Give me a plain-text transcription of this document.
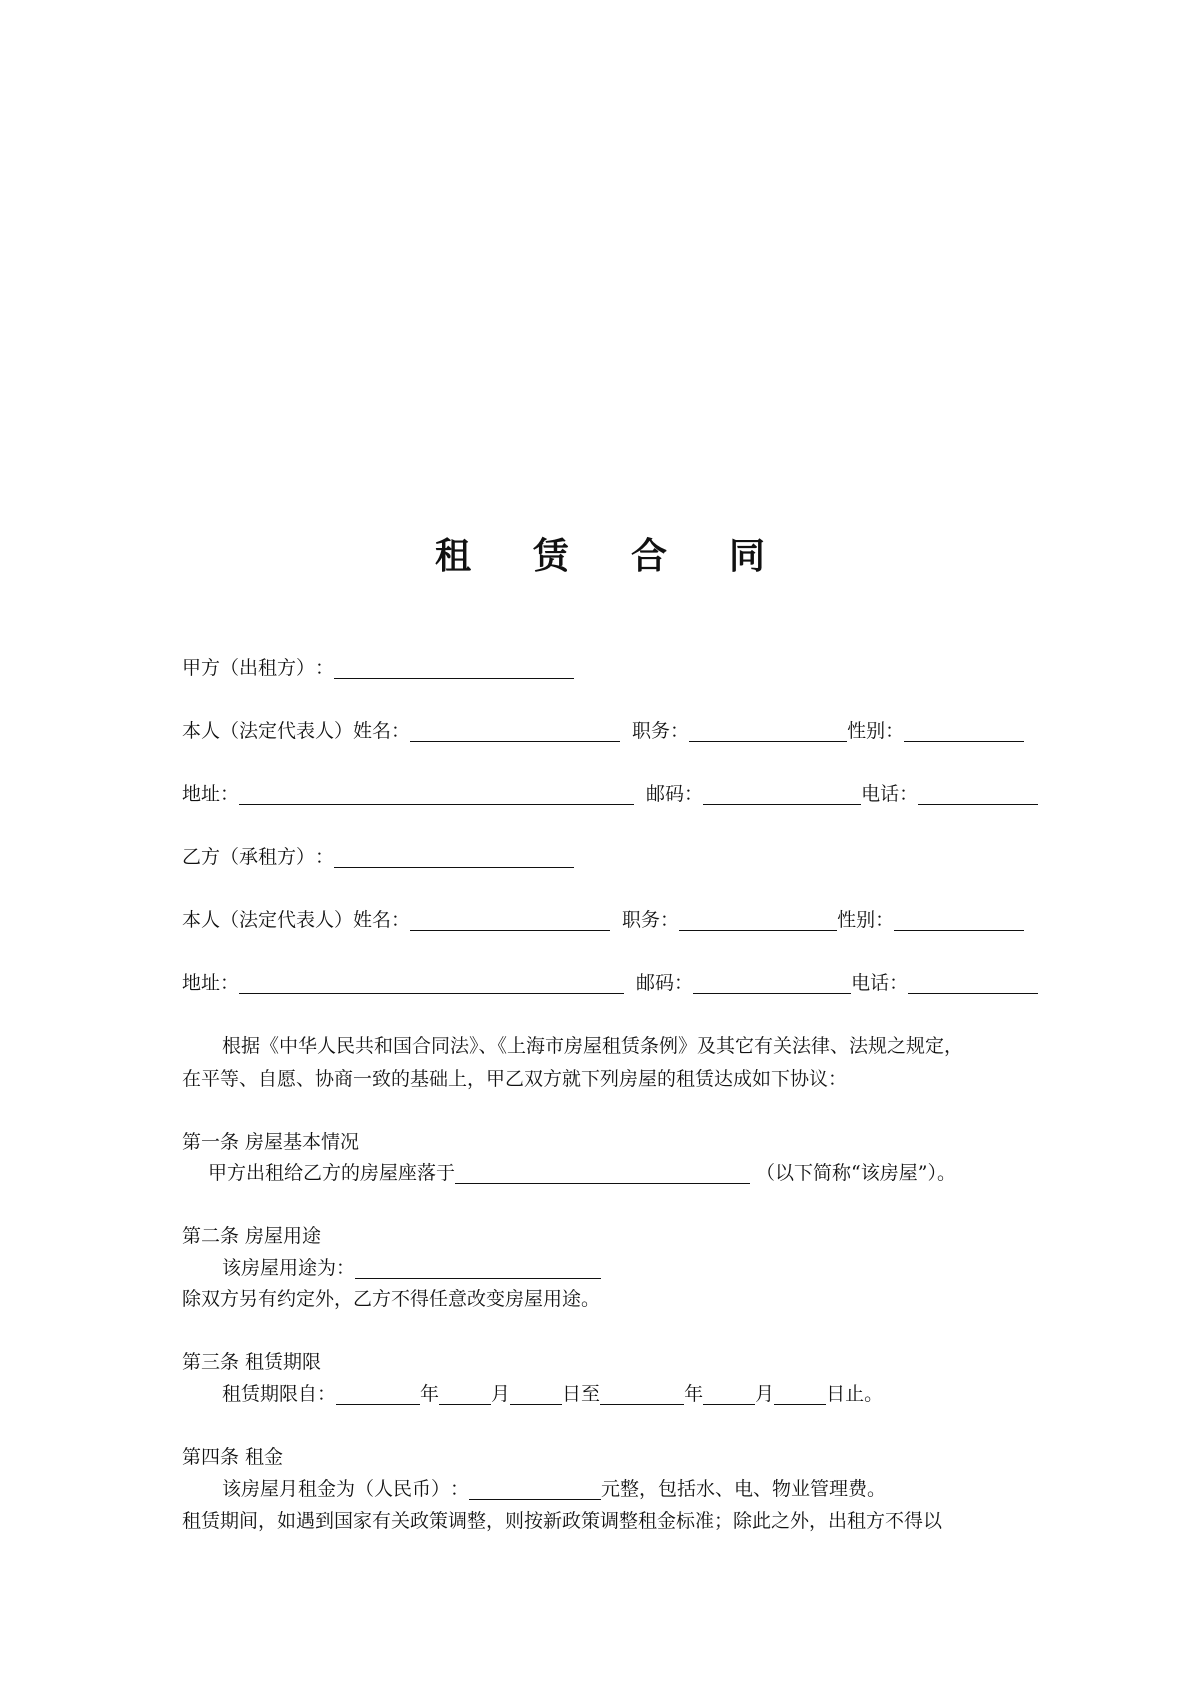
租 赁 合 同
甲方（出租方） ：
本人（法定代表人）姓名 ：	职务 ：	性别 ：
地址 ：	邮码 ：	电话 ：
乙方（承租方） ：
本人（法定代表人）姓名 ：	职务 ：	性别 ：
地址 ：	邮码 ：	电话 ：
根据《中华人民共和国合同法》、《上海市房屋租赁条例》及其它有关法律、法规之规定，
在平等、自愿、协商一致的基础上，甲乙双方就下列房屋的租赁达成如下协议：
第一条 房屋基本情况
甲方出租给乙方的房屋座落于	（以下简称“该房屋”）。
第二条 房屋用途
该房屋用途为 ：
除双方另有约定外，乙方不得任意改变房屋用途。
第三条 租赁期限
租赁期限自：	年	月	日至	年	月	日止。
第四条 租金
该房屋月租金为（人民币） ：	元整，包括水、电、物业管理费。
租赁期间，如遇到国家有关政策调整，则按新政策调整租金标准；除此之外，出租方不得以
